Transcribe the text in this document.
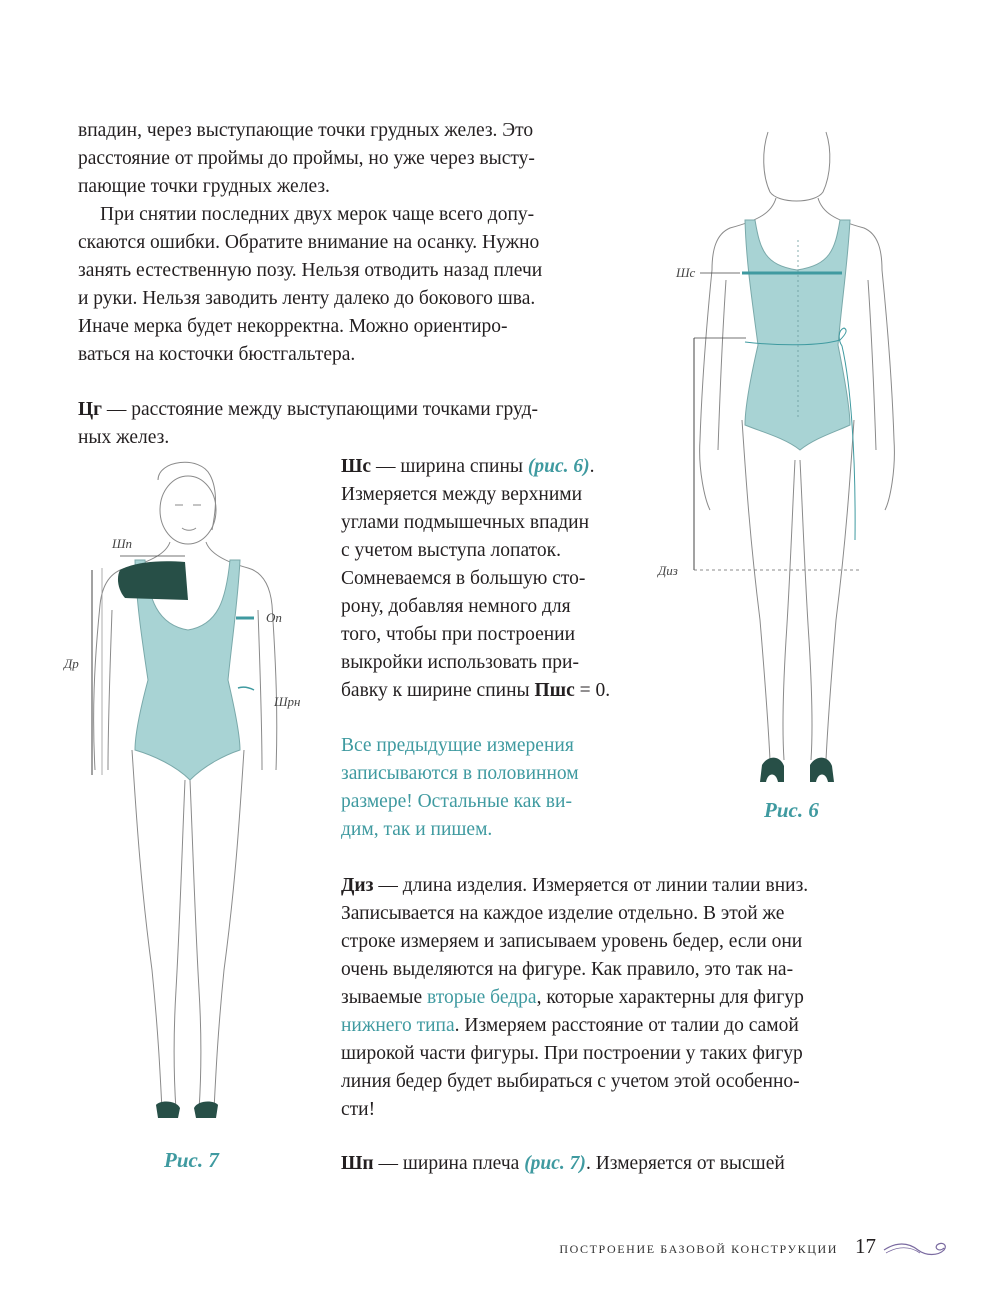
впадин, через выступающие точки грудных желез. Это

расстояние от проймы до проймы, но уже через высту-

пающие точки грудных желез.

При снятии последних двух мерок чаще всего допу-

скаются ошибки. Обратите внимание на осанку. Нужно

занять естественную позу. Нельзя отводить назад плечи

и руки. Нельзя заводить ленту далеко до бокового шва.

Иначе мерка будет некорректна. Можно ориентиро-

ваться на косточки бюстгальтера.

Цг — расстояние между выступающими точками груд-

ных желез.

Шс — ширина спины (рис. 6).

Измеряется между верхними

углами подмышечных впадин

с учетом выступа лопаток.

Сомневаемся в большую сто-

рону, добавляя немного для

того, чтобы при построении

выкройки использовать при-

бавку к ширине спины Пшс = 0.

Все предыдущие измерения

записываются в половинном

размере! Остальные как ви-

дим, так и пишем.

Диз — длина изделия. Измеряется от линии талии вниз.

Записывается на каждое изделие отдельно. В этой же

строке измеряем и записываем уровень бедер, если они

очень выделяются на фигуре. Как правило, это так на-

зываемые вторые бедра, которые характерны для фигур

нижнего типа. Измеряем расстояние от талии до самой

широкой части фигуры. При построении у таких фигур

линия бедер будет выбираться с учетом этой особенно-

сти!

Шп — ширина плеча (рис. 7). Измеряется от высшей

Шс
Диз
Рис. 6
Шп
Оп
Др
Шрн
Рис. 7
ПОСТРОЕНИЕ БАЗОВОЙ КОНСТРУКЦИИ 17
